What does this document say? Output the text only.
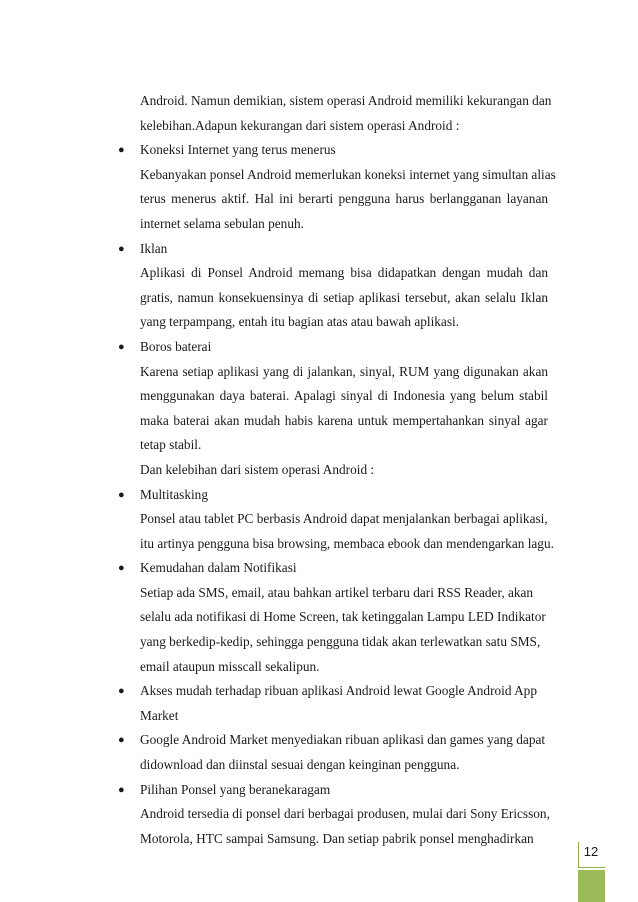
Android. Namun demikian, sistem operasi Android memiliki kekurangan dan
kelebihan.Adapun kekurangan dari sistem operasi Android :
● Koneksi Internet yang terus menerus
Kebanyakan ponsel Android memerlukan koneksi internet yang simultan alias
terus menerus aktif. Hal ini berarti pengguna harus berlangganan layanan
internet selama sebulan penuh.
● Iklan
Aplikasi di Ponsel Android memang bisa didapatkan dengan mudah dan
gratis, namun konsekuensinya di setiap aplikasi tersebut, akan selalu Iklan
yang terpampang, entah itu bagian atas atau bawah aplikasi.
● Boros baterai
Karena setiap aplikasi yang di jalankan, sinyal, RUM yang digunakan akan
menggunakan daya baterai. Apalagi sinyal di Indonesia yang belum stabil
maka baterai akan mudah habis karena untuk mempertahankan sinyal agar
tetap stabil.
Dan kelebihan dari sistem operasi Android :
● Multitasking
Ponsel atau tablet PC berbasis Android dapat menjalankan berbagai aplikasi,
itu artinya pengguna bisa browsing, membaca ebook dan mendengarkan lagu.
● Kemudahan dalam Notifikasi
Setiap ada SMS, email, atau bahkan artikel terbaru dari RSS Reader, akan
selalu ada notifikasi di Home Screen, tak ketinggalan Lampu LED Indikator
yang berkedip-kedip, sehingga pengguna tidak akan terlewatkan satu SMS,
email ataupun misscall sekalipun.
● Akses mudah terhadap ribuan aplikasi Android lewat Google Android App
Market
● Google Android Market menyediakan ribuan aplikasi dan games yang dapat
didownload dan diinstal sesuai dengan keinginan pengguna.
● Pilihan Ponsel yang beranekaragam
Android tersedia di ponsel dari berbagai produsen, mulai dari Sony Ericsson,
Motorola, HTC sampai Samsung. Dan setiap pabrik ponsel menghadirkan
12
